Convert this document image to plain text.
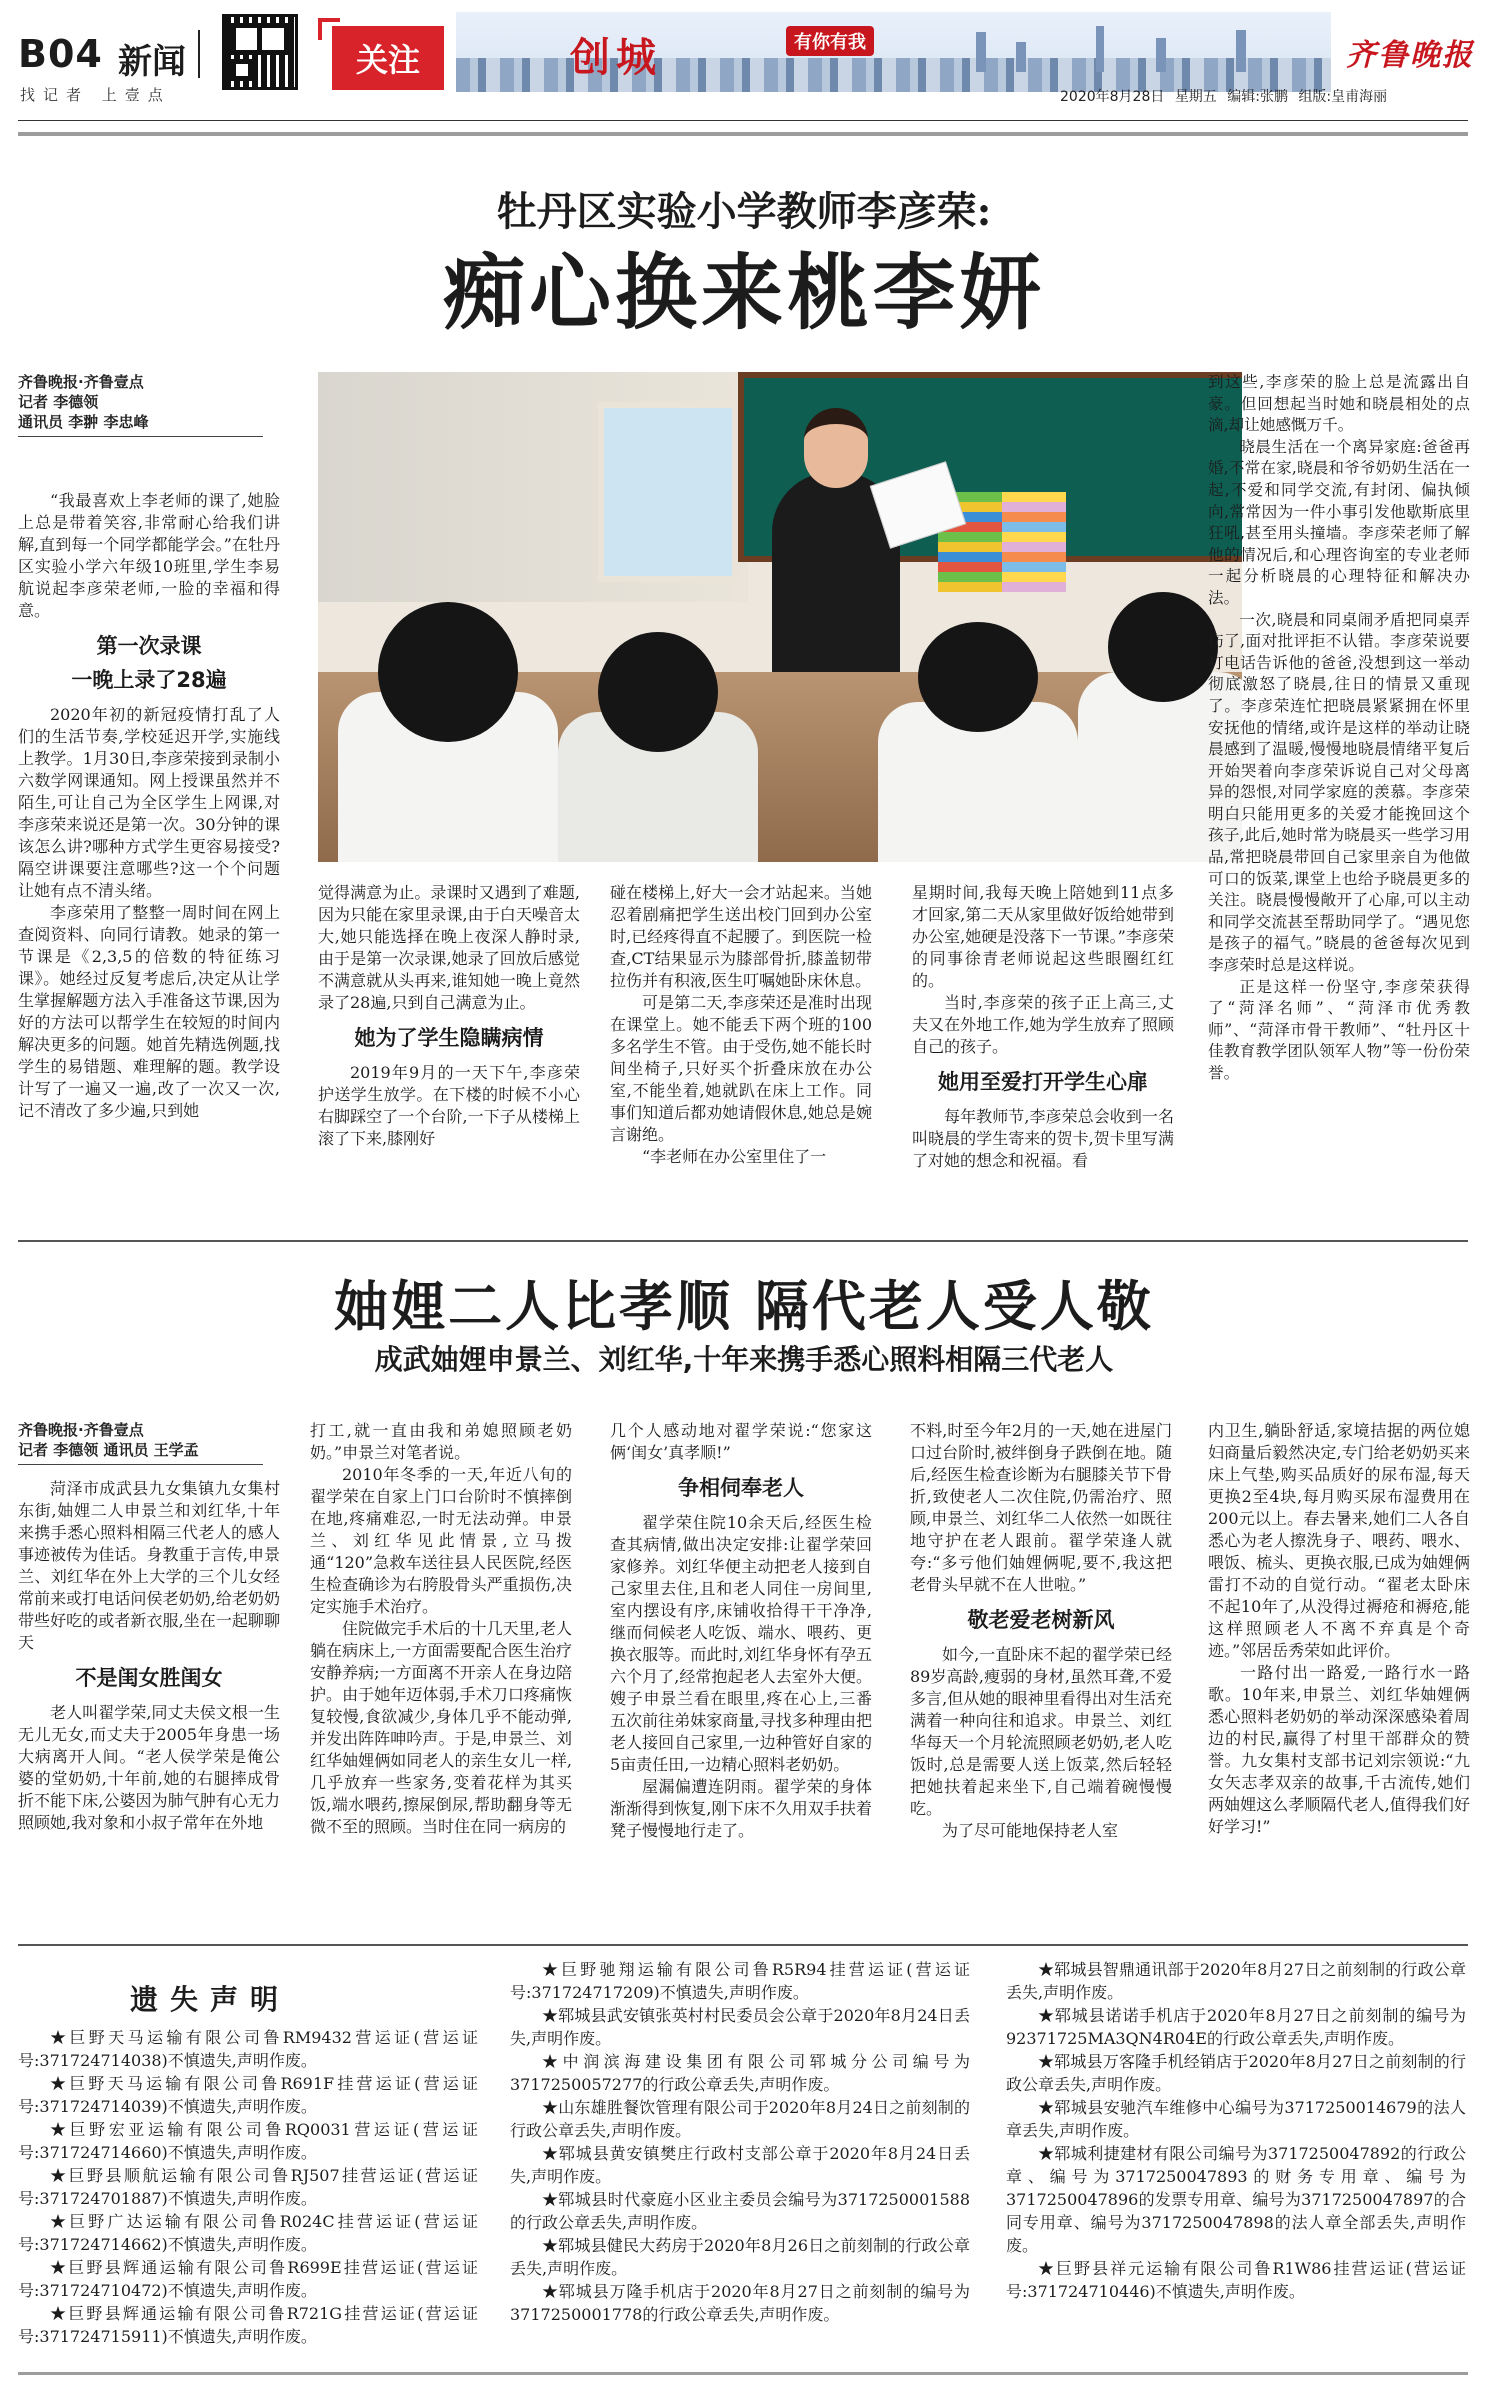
B04 新闻
找记者 上壹点
关注	创城	有你有我	齐鲁晚报
2020年8月28日 星期五 编辑:张鹏 组版:皇甫海丽
牡丹区实验小学教师李彦荣:
痴心换来桃李妍
齐鲁晚报·齐鲁壹点
记者 李德领
通讯员 李翀 李忠峰

“我最喜欢上李老师的课了,她脸上总是带着笑容,非常耐心给我们讲解,直到每一个同学都能学会。”在牡丹区实验小学六年级10班里,学生李易航说起李彦荣老师,一脸的幸福和得意。

第一次录课
一晚上录了28遍

2020年初的新冠疫情打乱了人们的生活节奏,学校延迟开学,实施线上教学。1月30日,李彦荣接到录制小六数学网课通知。网上授课虽然并不陌生,可让自己为全区学生上网课,对李彦荣来说还是第一次。30分钟的课该怎么讲?哪种方式学生更容易接受?隔空讲课要注意哪些?这一个个问题让她有点不清头绪。

李彦荣用了整整一周时间在网上查阅资料、向同行请教。她录的第一节课是《2,3,5的倍数的特征练习课》。她经过反复考虑后,决定从让学生掌握解题方法入手准备这节课,因为好的方法可以帮学生在较短的时间内解决更多的问题。她首先精选例题,找学生的易错题、难理解的题。教学设计写了一遍又一遍,改了一次又一次,记不清改了多少遍,只到她

觉得满意为止。录课时又遇到了难题,因为只能在家里录课,由于白天噪音太大,她只能选择在晚上夜深人静时录,由于是第一次录课,她录了回放后感觉不满意就从头再来,谁知她一晚上竟然录了28遍,只到自己满意为止。

她为了学生隐瞒病情

2019年9月的一天下午,李彦荣护送学生放学。在下楼的时候不小心右脚踩空了一个台阶,一下子从楼梯上滚了下来,膝刚好

碰在楼梯上,好大一会才站起来。当她忍着剧痛把学生送出校门回到办公室时,已经疼得直不起腰了。到医院一检查,CT结果显示为膝部骨折,膝盖韧带拉伤并有积液,医生叮嘱她卧床休息。

可是第二天,李彦荣还是准时出现在课堂上。她不能丢下两个班的100多名学生不管。由于受伤,她不能长时间坐椅子,只好买个折叠床放在办公室,不能坐着,她就趴在床上工作。同事们知道后都劝她请假休息,她总是婉言谢绝。

“李老师在办公室里住了一

星期时间,我每天晚上陪她到11点多才回家,第二天从家里做好饭给她带到办公室,她硬是没落下一节课。”李彦荣的同事徐青老师说起这些眼圈红红的。

当时,李彦荣的孩子正上高三,丈夫又在外地工作,她为学生放弃了照顾自己的孩子。

她用至爱打开学生心扉

每年教师节,李彦荣总会收到一名叫晓晨的学生寄来的贺卡,贺卡里写满了对她的想念和祝福。看

到这些,李彦荣的脸上总是流露出自豪。但回想起当时她和晓晨相处的点滴,却让她感慨万千。

晓晨生活在一个离异家庭:爸爸再婚,不常在家,晓晨和爷爷奶奶生活在一起,不爱和同学交流,有封闭、偏执倾向,常常因为一件小事引发他歇斯底里狂吼,甚至用头撞墙。李彦荣老师了解他的情况后,和心理咨询室的专业老师一起分析晓晨的心理特征和解决办法。

一次,晓晨和同桌闹矛盾把同桌弄伤了,面对批评拒不认错。李彦荣说要打电话告诉他的爸爸,没想到这一举动彻底激怒了晓晨,往日的情景又重现了。李彦荣连忙把晓晨紧紧拥在怀里安抚他的情绪,或许是这样的举动让晓晨感到了温暖,慢慢地晓晨情绪平复后开始哭着向李彦荣诉说自己对父母离异的怨恨,对同学家庭的羡慕。李彦荣明白只能用更多的关爱才能挽回这个孩子,此后,她时常为晓晨买一些学习用品,常把晓晨带回自己家里亲自为他做可口的饭菜,课堂上也给予晓晨更多的关注。晓晨慢慢敞开了心扉,可以主动和同学交流甚至帮助同学了。“遇见您是孩子的福气。”晓晨的爸爸每次见到李彦荣时总是这样说。

正是这样一份坚守,李彦荣获得了“菏泽名师”、“菏泽市优秀教师”、“菏泽市骨干教师”、“牡丹区十佳教育教学团队领军人物”等一份份荣誉。

妯娌二人比孝顺 隔代老人受人敬
成武妯娌申景兰、刘红华,十年来携手悉心照料相隔三代老人
齐鲁晚报·齐鲁壹点
记者 李德领 通讯员 王学孟

菏泽市成武县九女集镇九女集村东街,妯娌二人申景兰和刘红华,十年来携手悉心照料相隔三代老人的感人事迹被传为佳话。身教重于言传,申景兰、刘红华在外上大学的三个儿女经常前来或打电话问侯老奶奶,给老奶奶带些好吃的或者新衣服,坐在一起聊聊天

不是闺女胜闺女

老人叫翟学荣,同丈夫侯文根一生无儿无女,而丈夫于2005年身患一场大病离开人间。“老人侯学荣是俺公婆的堂奶奶,十年前,她的右腿摔成骨折不能下床,公婆因为肺气肿有心无力照顾她,我对象和小叔子常年在外地

打工,就一直由我和弟媳照顾老奶奶。”申景兰对笔者说。

2010年冬季的一天,年近八旬的翟学荣在自家上门口台阶时不慎摔倒在地,疼痛难忍,一时无法动弹。申景兰、刘红华见此情景,立马拨通“120”急救车送往县人民医院,经医生检查确诊为右胯股骨头严重损伤,决定实施手术治疗。

住院做完手术后的十几天里,老人躺在病床上,一方面需要配合医生治疗安静养病;一方面离不开亲人在身边陪护。由于她年迈体弱,手术刀口疼痛恢复较慢,食欲减少,身体几乎不能动弹,并发出阵阵呻吟声。于是,申景兰、刘红华妯娌俩如同老人的亲生女儿一样,几乎放弃一些家务,变着花样为其买饭,端水喂药,擦屎倒尿,帮助翻身等无微不至的照顾。当时住在同一病房的

几个人感动地对翟学荣说:“您家这俩‘闺女’真孝顺!”

争相伺奉老人

翟学荣住院10余天后,经医生检查其病情,做出决定安排:让翟学荣回家修养。刘红华便主动把老人接到自己家里去住,且和老人同住一房间里,室内摆设有序,床铺收拾得干干净净,继而伺候老人吃饭、端水、喂药、更换衣服等。而此时,刘红华身怀有孕五六个月了,经常抱起老人去室外大便。嫂子申景兰看在眼里,疼在心上,三番五次前往弟妹家商量,寻找多种理由把老人接回自己家里,一边种管好自家的5亩责任田,一边精心照料老奶奶。

屋漏偏遭连阴雨。翟学荣的身体渐渐得到恢复,刚下床不久用双手扶着凳子慢慢地行走了。

不料,时至今年2月的一天,她在进屋门口过台阶时,被绊倒身子跌倒在地。随后,经医生检查诊断为右腿膝关节下骨折,致使老人二次住院,仍需治疗、照顾,申景兰、刘红华二人依然一如既往地守护在老人跟前。翟学荣逢人就夸:“多亏他们妯娌俩呢,要不,我这把老骨头早就不在人世啦。”

敬老爱老树新风

如今,一直卧床不起的翟学荣已经89岁高龄,瘦弱的身材,虽然耳聋,不爱多言,但从她的眼神里看得出对生活充满着一种向往和追求。申景兰、刘红华每天一个月轮流照顾老奶奶,老人吃饭时,总是需要人送上饭菜,然后轻轻把她扶着起来坐下,自己端着碗慢慢吃。

为了尽可能地保持老人室

内卫生,躺卧舒适,家境拮据的两位媳妇商量后毅然决定,专门给老奶奶买来床上气垫,购买品质好的尿布湿,每天更换2至4块,每月购买尿布湿费用在200元以上。春去暑来,她们二人各自悉心为老人擦洗身子、喂药、喂水、喂饭、梳头、更换衣服,已成为妯娌俩雷打不动的自觉行动。“翟老太卧床不起10年了,从没得过褥疮和褥疮,能这样照顾老人不离不弃真是个奇迹。”邻居岳秀荣如此评价。

一路付出一路爱,一路行水一路歌。10年来,申景兰、刘红华妯娌俩悉心照料老奶奶的举动深深感染着周边的村民,赢得了村里干部群众的赞誉。九女集村支部书记刘宗领说:“九女矢志孝双亲的故事,千古流传,她们两妯娌这么孝顺隔代老人,值得我们好好学习!”

遗失声明

★巨野天马运输有限公司鲁RM9432营运证(营运证号:371724714038)不慎遗失,声明作废。

★巨野天马运输有限公司鲁R691F挂营运证(营运证号:371724714039)不慎遗失,声明作废。

★巨野宏亚运输有限公司鲁RQ0031营运证(营运证号:371724714660)不慎遗失,声明作废。

★巨野县顺航运输有限公司鲁RJ507挂营运证(营运证号:371724701887)不慎遗失,声明作废。

★巨野广达运输有限公司鲁R024C挂营运证(营运证号:371724714662)不慎遗失,声明作废。

★巨野县辉通运输有限公司鲁R699E挂营运证(营运证号:371724710472)不慎遗失,声明作废。

★巨野县辉通运输有限公司鲁R721G挂营运证(营运证号:371724715911)不慎遗失,声明作废。

★巨野驰翔运输有限公司鲁R5R94挂营运证(营运证号:371724717209)不慎遗失,声明作废。

★郓城县武安镇张英村村民委员会公章于2020年8月24日丢失,声明作废。

★中润滨海建设集团有限公司郓城分公司编号为3717250057277的行政公章丢失,声明作废。

★山东雄胜餐饮管理有限公司于2020年8月24日之前刻制的行政公章丢失,声明作废。

★郓城县黄安镇樊庄行政村支部公章于2020年8月24日丢失,声明作废。

★郓城县时代豪庭小区业主委员会编号为3717250001588的行政公章丢失,声明作废。

★郓城县健民大药房于2020年8月26日之前刻制的行政公章丢失,声明作废。

★郓城县万隆手机店于2020年8月27日之前刻制的编号为3717250001778的行政公章丢失,声明作废。

★郓城县智鼎通讯部于2020年8月27日之前刻制的行政公章丢失,声明作废。

★郓城县诺诺手机店于2020年8月27日之前刻制的编号为92371725MA3QN4R04E的行政公章丢失,声明作废。

★郓城县万客隆手机经销店于2020年8月27日之前刻制的行政公章丢失,声明作废。

★郓城县安驰汽车维修中心编号为3717250014679的法人章丢失,声明作废。

★郓城利捷建材有限公司编号为3717250047892的行政公章、编号为3717250047893的财务专用章、编号为3717250047896的发票专用章、编号为3717250047897的合同专用章、编号为3717250047898的法人章全部丢失,声明作废。

★巨野县祥元运输有限公司鲁R1W86挂营运证(营运证号:371724710446)不慎遗失,声明作废。
